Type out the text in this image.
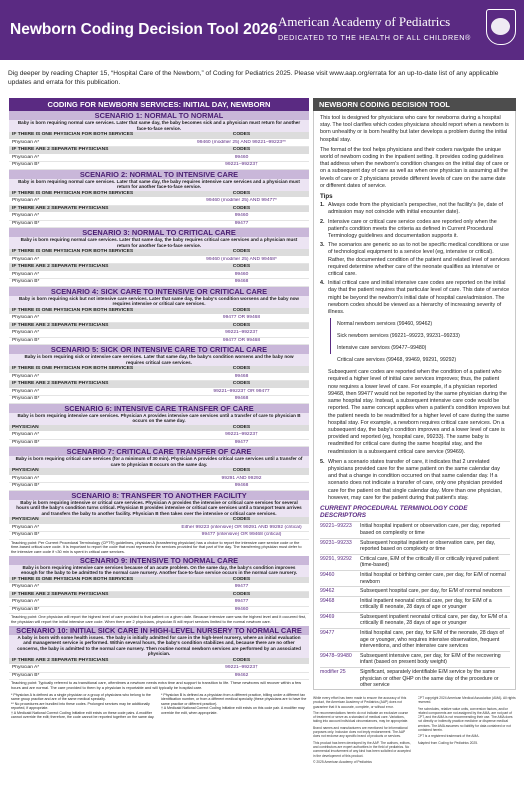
Newborn Coding Decision Tool 2026 American Academy of Pediatrics
DEDICATED TO THE HEALTH OF ALL CHILDREN®
Dig deeper by reading Chapter 15, “Hospital Care of the Newborn,” of Coding for Pediatrics 2025. Please visit www.aap.org/errata for an up-to-date list of any applicable updates and errata for this publication.
CODING FOR NEWBORN SERVICES: INITIAL DAY, NEWBORN
SCENARIO 1: NORMAL TO NORMAL
Baby is born requiring normal care services. Later that same day, the baby becomes sick and a physician must return for another face-to-face service.
IF THERE IS ONE PHYSICIAN FOR BOTH SERVICES	CODES
Physician A*	99460 (modifier 25) AND 99221–99223**
IF THERE ARE 2 SEPARATE PHYSICIANS	CODES
Physician A*	99460
Physician B*	99221–99223†
SCENARIO 2: NORMAL TO INTENSIVE CARE
Baby is born requiring normal care services. Later that same day, the baby requires intensive care services and a physician must return for another face-to-face service.
IF THERE IS ONE PHYSICIAN FOR BOTH SERVICES	CODES
Physician A*	99460 (modifier 25) AND 99477*
IF THERE ARE 2 SEPARATE PHYSICIANS	CODES
Physician A*	99460
Physician B*	99477
SCENARIO 3: NORMAL TO CRITICAL CARE
Baby is born requiring normal care services. Later that same day, the baby requires critical care services and a physician must return for another face-to-face service.
IF THERE IS ONE PHYSICIAN FOR BOTH SERVICES	CODES
Physician A*	99460 (modifier 25) AND 99468*
IF THERE ARE 2 SEPARATE PHYSICIANS	CODES
Physician A*	99460
Physician B*	99468
SCENARIO 4: SICK CARE TO INTENSIVE OR CRITICAL CARE
Baby is born requiring sick but not intensive care services. Later that same day, the baby's condition worsens and the baby now requires intensive or critical care services.
IF THERE IS ONE PHYSICIAN FOR BOTH SERVICES	CODES
Physician A*	99477 OR 99468
IF THERE ARE 2 SEPARATE PHYSICIANS	CODES
Physician A*	99221–99223†
Physician B*	99477 OR 99468
SCENARIO 5: SICK OR INTENSIVE CARE TO CRITICAL CARE
Baby is born requiring sick or intensive care services. Later that same day, the baby's condition worsens and the baby now requires critical care services.
IF THERE IS ONE PHYSICIAN FOR BOTH SERVICES	CODES
Physician A*	99468
IF THERE ARE 2 SEPARATE PHYSICIANS	CODES
Physician A*	99221–99223† OR 99477
Physician B*	99468
SCENARIO 6: INTENSIVE CARE TRANSFER OF CARE
Baby is born requiring intensive care services. Physician A provides intensive care services until a transfer of care to physician B occurs on the same day.
PHYSICIAN	CODES
Physician A*	99221–99223†
Physician B*	99477
SCENARIO 7: CRITICAL CARE TRANSFER OF CARE
Baby is born requiring critical care services (for a minimum of 30 min). Physician A provides critical care services until a transfer of care to physician B occurs on the same day.
PHYSICIAN	CODES
Physician A*	99291 AND 99292
Physician B*	99468
SCENARIO 8: TRANSFER TO ANOTHER FACILITY
Baby is born requiring intensive or critical care services. Physician A provides the intensive or critical care services for several hours until the baby's condition turns critical. Physician B provides intensive or critical care services until a transport team arrives and transfers the baby to another facility. Physician B then takes over the intensive or critical care services.
PHYSICIAN	CODES
Physician A*	Either 99223 (intensive) OR 99291 AND 99292 (critical)
Physician B*	99477 (intensive) OR 99468 (critical)
Teaching point: Per Current Procedural Terminology (CPT®) guidelines, physician A (transferring physician) has a choice to report the intensive care service code or the time-based critical care code. It is important to report the code that most represents the services provided for that part of the day. The transferring physician must defer to the intensive care code if <30 min is spent in critical care services.
SCENARIO 9: INTENSIVE TO NORMAL CARE
Baby is born requiring intensive care services because of an acute problem. On the same day, the baby's condition improves enough for the baby to be admitted to the normal care nursery. Another face-to-face service occurs in the normal care nursery.
IF THERE IS ONE PHYSICIAN FOR BOTH SERVICES	CODES
Physician A*	99477
IF THERE ARE 2 SEPARATE PHYSICIANS	CODES
Physician A*	99477
Physician B*	99460
Teaching point: One physician will report the highest level of care provided to that patient on a given date. Because intensive care was the highest level and it occurred first, the physician will report the initial intensive care code. When there are 2 physicians, physician B will report services limited to the normal newborn care.
SCENARIO 10: INITIAL SICK CARE IN HIGH-LEVEL NURSERY TO NORMAL CARE
A baby is born with some health issues. The baby is initially admitted for care in the high-level nursery, where an initial evaluation and management service is performed. Within several hours, the baby's condition stabilizes and, because there are no other concerns, the baby is admitted to the normal care nursery. Then routine normal newborn services are performed by an associated physician.
IF THERE ARE 2 SEPARATE PHYSICIANS	CODES
Physician A*	99221–99223†
Physician B*	99462
Teaching point: Typically referred to as transitional care, oftentimes a newborn needs extra time and support to transition to life. These newborns will recover within a few hours and are normal. The care provided to them by a physician is reportable and will typically be hospital care.

* Physician A is defined as a single physician or a group of physicians who belong to the same group practice and are of the same medical specialty.

** No procedures are bundled into these codes. Prolonged services may be additionally reported, if appropriate.

† A Medicaid National Correct Coding Initiative edit exists on these code pairs. A modifier cannot override the edit; therefore, the code cannot be reported together on the same day.

* Physician B is defined as a physician from a different practice, billing under a different tax identification number, or from a different medical specialty (these physicians are to have the same practice or different practice).

† A Medicaid National Correct Coding Initiative edit exists on this code pair. A modifier may override the edit, when appropriate.

NEWBORN CODING DECISION TOOL

This tool is designed for physicians who care for newborns during a hospital stay. The tool clarifies which codes physicians should report when a newborn is born unhealthy or is born healthy but later develops a problem during the initial hospital stay.

The format of the tool helps physicians and their coders navigate the unique world of newborn coding in the inpatient setting. It provides coding guidelines that address when the newborn's condition changes on the initial day of care or on a subsequent day of care as well as when one physician is assuming all the levels of care or 2 physicians provide different levels of care on the same date or different dates of service.

Tips
1. Always code from the physician's perspective, not the facility's (ie, date of admission may not coincide with initial encounter date).
2. Intensive care or critical care service codes are reported only when the patient's condition meets the criteria as defined in Current Procedural Terminology guidelines and documentation supports it.
3. The scenarios are generic so as to not be specific medical conditions or use of technological equipment to a service level (eg, intensive or critical). Rather, the documented condition of the patient and related level of services required determine whether care of the neonate qualifies as intensive or critical care.
4. Initial critical care and initial intensive care codes are reported on the initial day that the patient requires that particular level of care. This date of service might be beyond the newborn's initial date of hospital care/admission. The newborn codes should be viewed as a hierarchy of increasing severity of illness.
Normal newborn services (99460, 99462)
Sick newborn services (99221–99223, 99231–99233)
Intensive care services (99477–99480)
Critical care services (99468, 99469, 99291, 99292)

Subsequent care codes are reported when the condition of a patient who required a higher level of initial care services improves; thus, the patient now requires a lower level of care. For example, if a physician reported 99468, then 99477 would not be reported by the same physician during the same hospital stay. Instead, a subsequent intensive care code would be reported. The same concept applies when a patient's condition improves but the patient needs to be readmitted for a higher level of care during the same hospital stay. For example, a newborn requires critical care services. On a subsequent day, the baby's condition improves and a lower level of care is provided and reported (eg, hospital care, 99233). The same baby is readmitted for critical care during the same hospital stay, and the readmission is a subsequent critical care service (99469).

5. When a scenario states transfer of care, it indicates that 2 unrelated physicians provided care for the same patient on the same calendar day and that a change in condition occurred on that same calendar day. If a scenario does not indicate a transfer of care, only one physician provided care for the patient on that single calendar day. More than one physician, however, may care for the patient during that patient's stay.
CURRENT PROCEDURAL TERMINOLOGY CODE DESCRIPTORS
99221–99223	Initial hospital inpatient or observation care, per day, reported based on complexity or time
99231–99233	Subsequent hospital inpatient or observation care, per day, reported based on complexity or time
99291, 99292	Critical care, E/M of the critically ill or critically injured patient (time-based)
99460	Initial hospital or birthing center care, per day, for E/M of normal newborn
99462	Subsequent hospital care, per day, for E/M of normal newborn
99468	Initial inpatient neonatal critical care, per day, for E/M of a critically ill neonate, 28 days of age or younger
99469	Subsequent inpatient neonatal critical care, per day, for E/M of a critically ill neonate, 28 days of age or younger
99477	Initial hospital care, per day, for E/M of the neonate, 28 days of age or younger, who requires intensive observation, frequent interventions, and other intensive care services
99478–99480	Subsequent intensive care, per day, for E/M of the recovering infant (based on present body weight)
modifier 25	Significant, separately identifiable E/M service by the same physician or other QHP on the same day of the procedure or other service

While every effort has been made to ensure the accuracy of this product, the American Academy of Pediatrics (AAP) does not guarantee that it is accurate, complete, or without error.

The recommendations herein do not indicate an exclusive course of treatment or serve as a standard of medical care. Variations, taking into account individual circumstances, may be appropriate.

Brand names and manufacturers are mentioned for informational purposes only. Inclusion does not imply endorsement. The AAP does not endorse any specific brand of products or services.

This product has been developed by the AAP. The authors, editors, and contributors are expert authorities in the field of pediatrics. No commercial involvement of any kind has been solicited or accepted in the development of this product.

© 2025 American Academy of Pediatrics

CPT copyright 2024 American Medical Association (AMA). All rights reserved.

Fee schedules, relative value units, conversion factors, and/or related components are not assigned by the AMA, are not part of CPT, and the AMA is not recommending their use. The AMA does not directly or indirectly practice medicine or dispense medical services. The AMA assumes no liability for data contained or not contained herein.

CPT is a registered trademark of the AMA.

Adapted from Coding for Pediatrics 2025.
